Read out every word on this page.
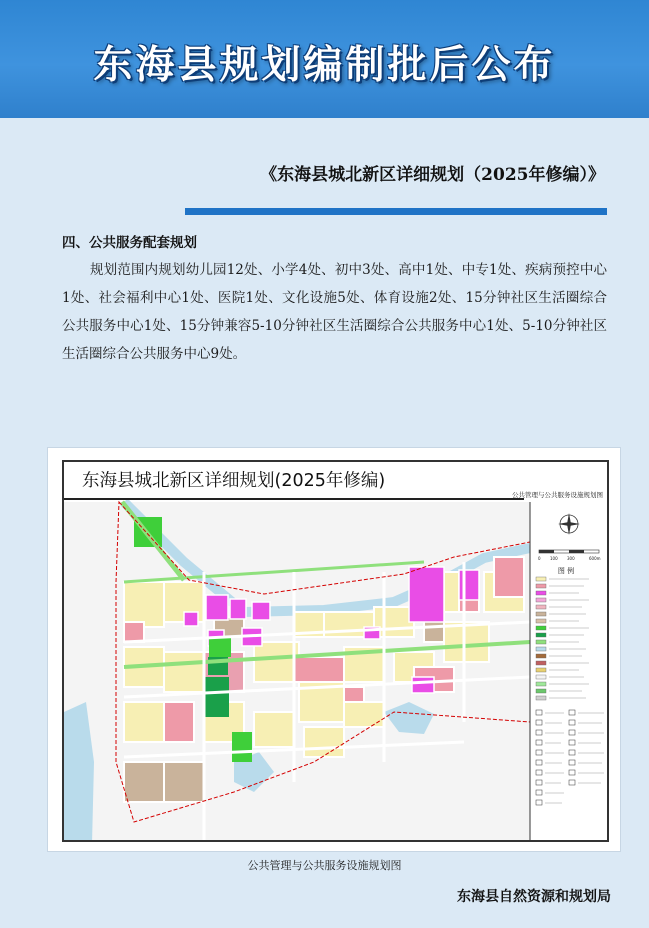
东海县规划编制批后公布
《东海县城北新区详细规划（2025年修编）》
四、公共服务配套规划
规划范围内规划幼儿园12处、小学4处、初中3处、高中1处、中专1处、疾病预控中心1处、社会福利中心1处、医院1处、文化设施5处、体育设施2处、15分钟社区生活圈综合公共服务中心1处、15分钟兼容5-10分钟社区生活圈综合公共服务中心1处、5-10分钟社区生活圈综合公共服务中心9处。
0 100 300	600m
东海县城北新区详细规划(2025年修编)
公共管理与公共服务设施规划图
图 例
公共管理与公共服务设施规划图
东海县自然资源和规划局
